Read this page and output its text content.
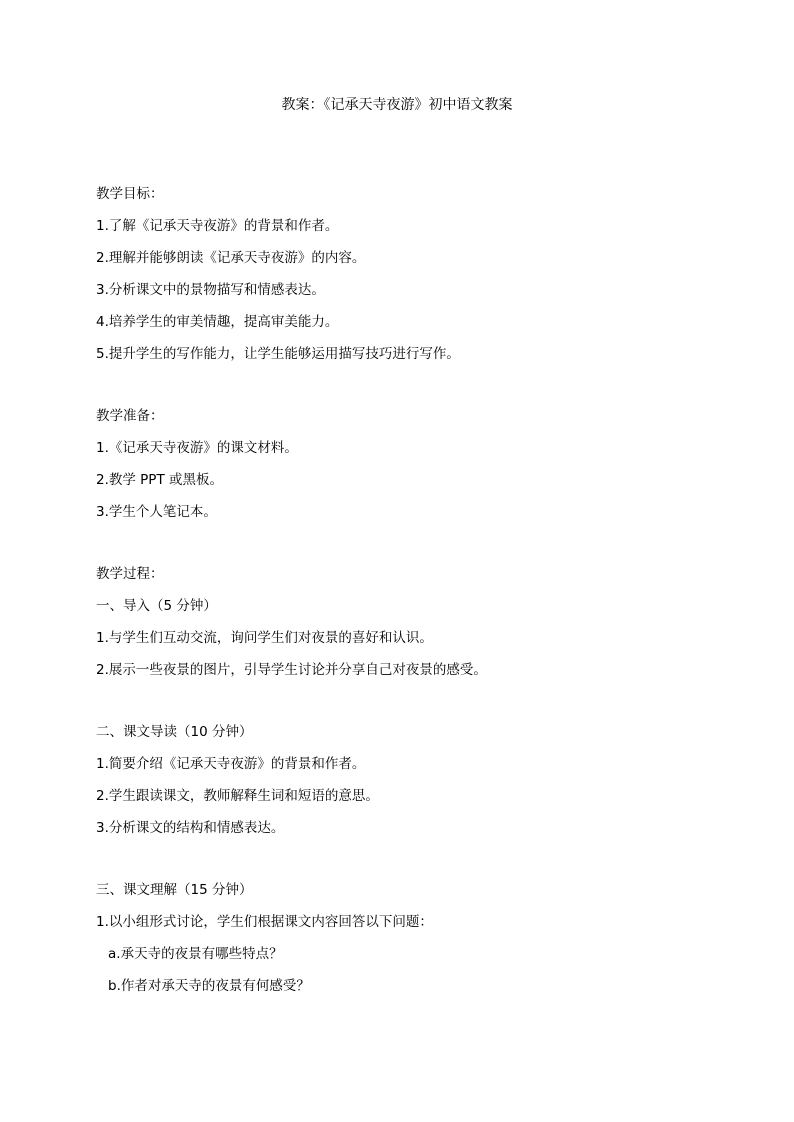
教案：《记承天寺夜游》初中语文教案
教学目标：
1.了解《记承天寺夜游》的背景和作者。
2.理解并能够朗读《记承天寺夜游》的内容。
3.分析课文中的景物描写和情感表达。
4.培养学生的审美情趣，提高审美能力。
5.提升学生的写作能力，让学生能够运用描写技巧进行写作。
教学准备：
1.《记承天寺夜游》的课文材料。
2.教学 PPT 或黑板。
3.学生个人笔记本。
教学过程：
一、导入（5 分钟）
1.与学生们互动交流，询问学生们对夜景的喜好和认识。
2.展示一些夜景的图片，引导学生讨论并分享自己对夜景的感受。
二、课文导读（10 分钟）
1.简要介绍《记承天寺夜游》的背景和作者。
2.学生跟读课文，教师解释生词和短语的意思。
3.分析课文的结构和情感表达。
三、课文理解（15 分钟）
1.以小组形式讨论，学生们根据课文内容回答以下问题：
a.承天寺的夜景有哪些特点？
b.作者对承天寺的夜景有何感受？
